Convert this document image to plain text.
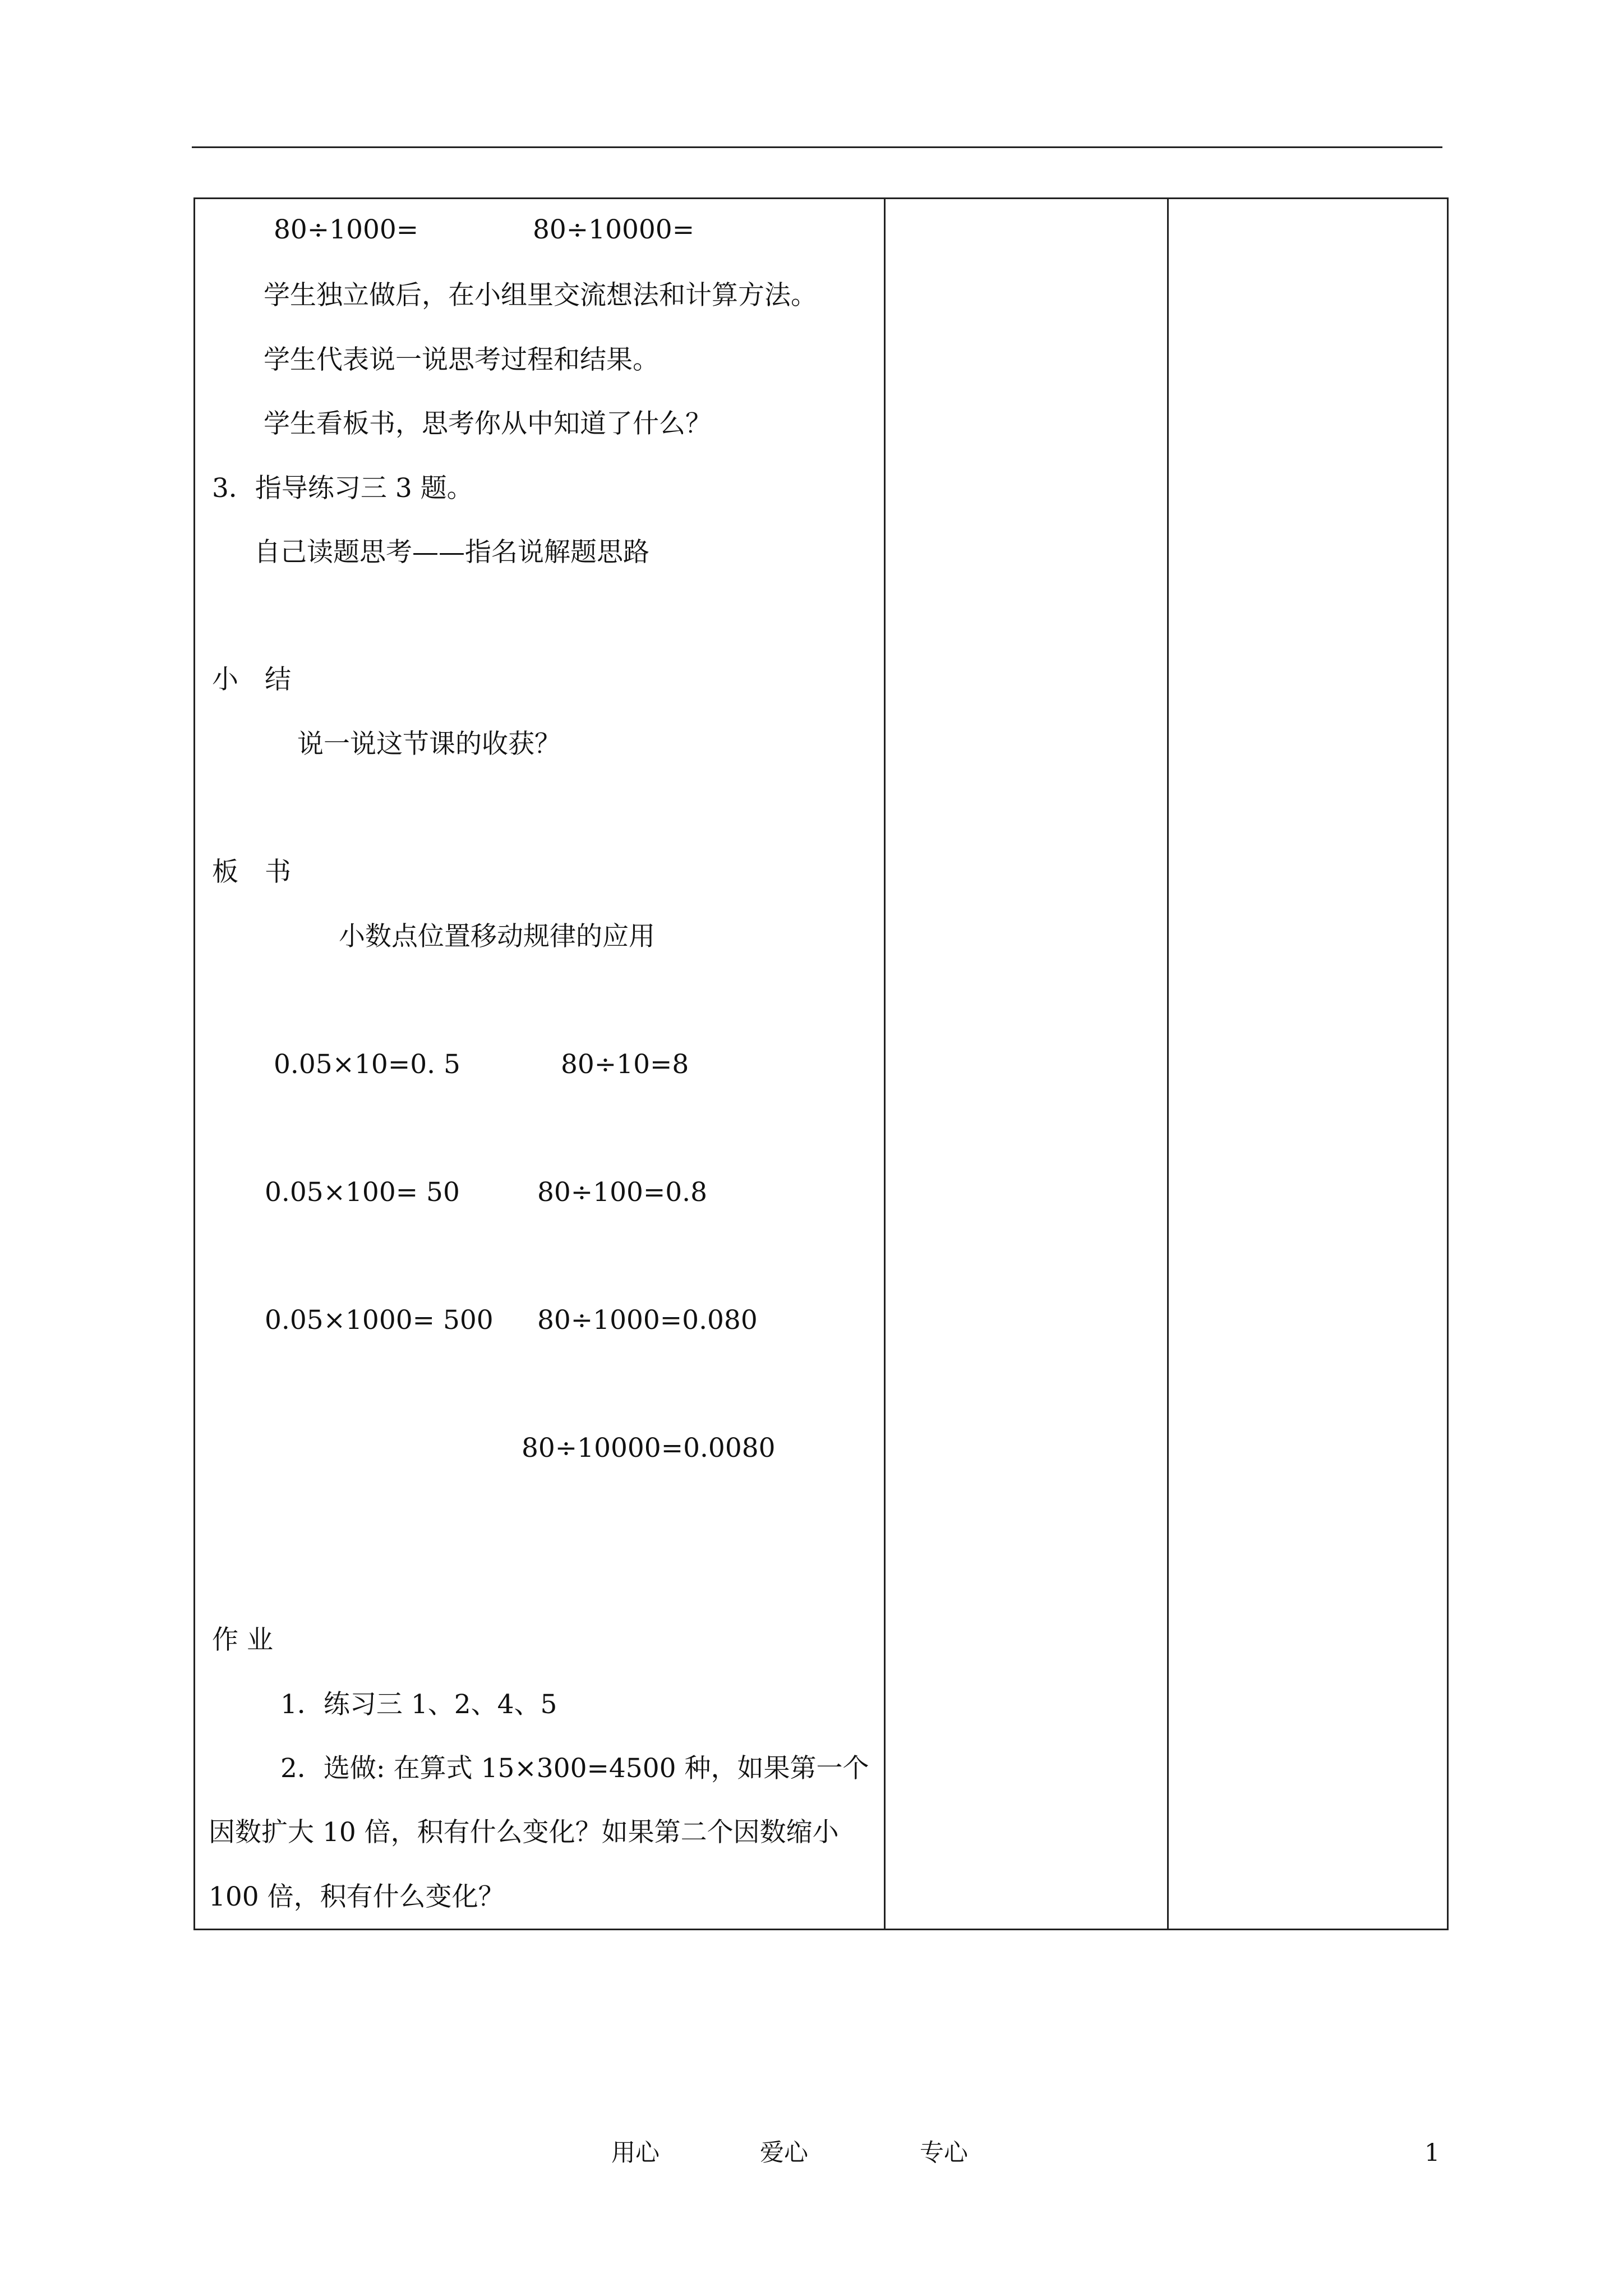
80÷1000=	80÷10000=
学生独立做后，在小组里交流想法和计算方法。
学生代表说一说思考过程和结果。
学生看板书，思考你从中知道了什么？
3．指导练习三 3 题。
自己读题思考——指名说解题思路
小　结
说一说这节课的收获？
板　书
小数点位置移动规律的应用
0.05×10=0. 5	80÷10=8
0.05×100= 50	80÷100=0.8
0.05×1000= 500 80÷1000=0.080
80÷10000=0.0080
作 业
1．练习三 1、2、4、5
2．选做: 在算式 15×300=4500 种，如果第一个
因数扩大 10 倍，积有什么变化？如果第二个因数缩小
100 倍，积有什么变化？
用心	爱心	专心	1
